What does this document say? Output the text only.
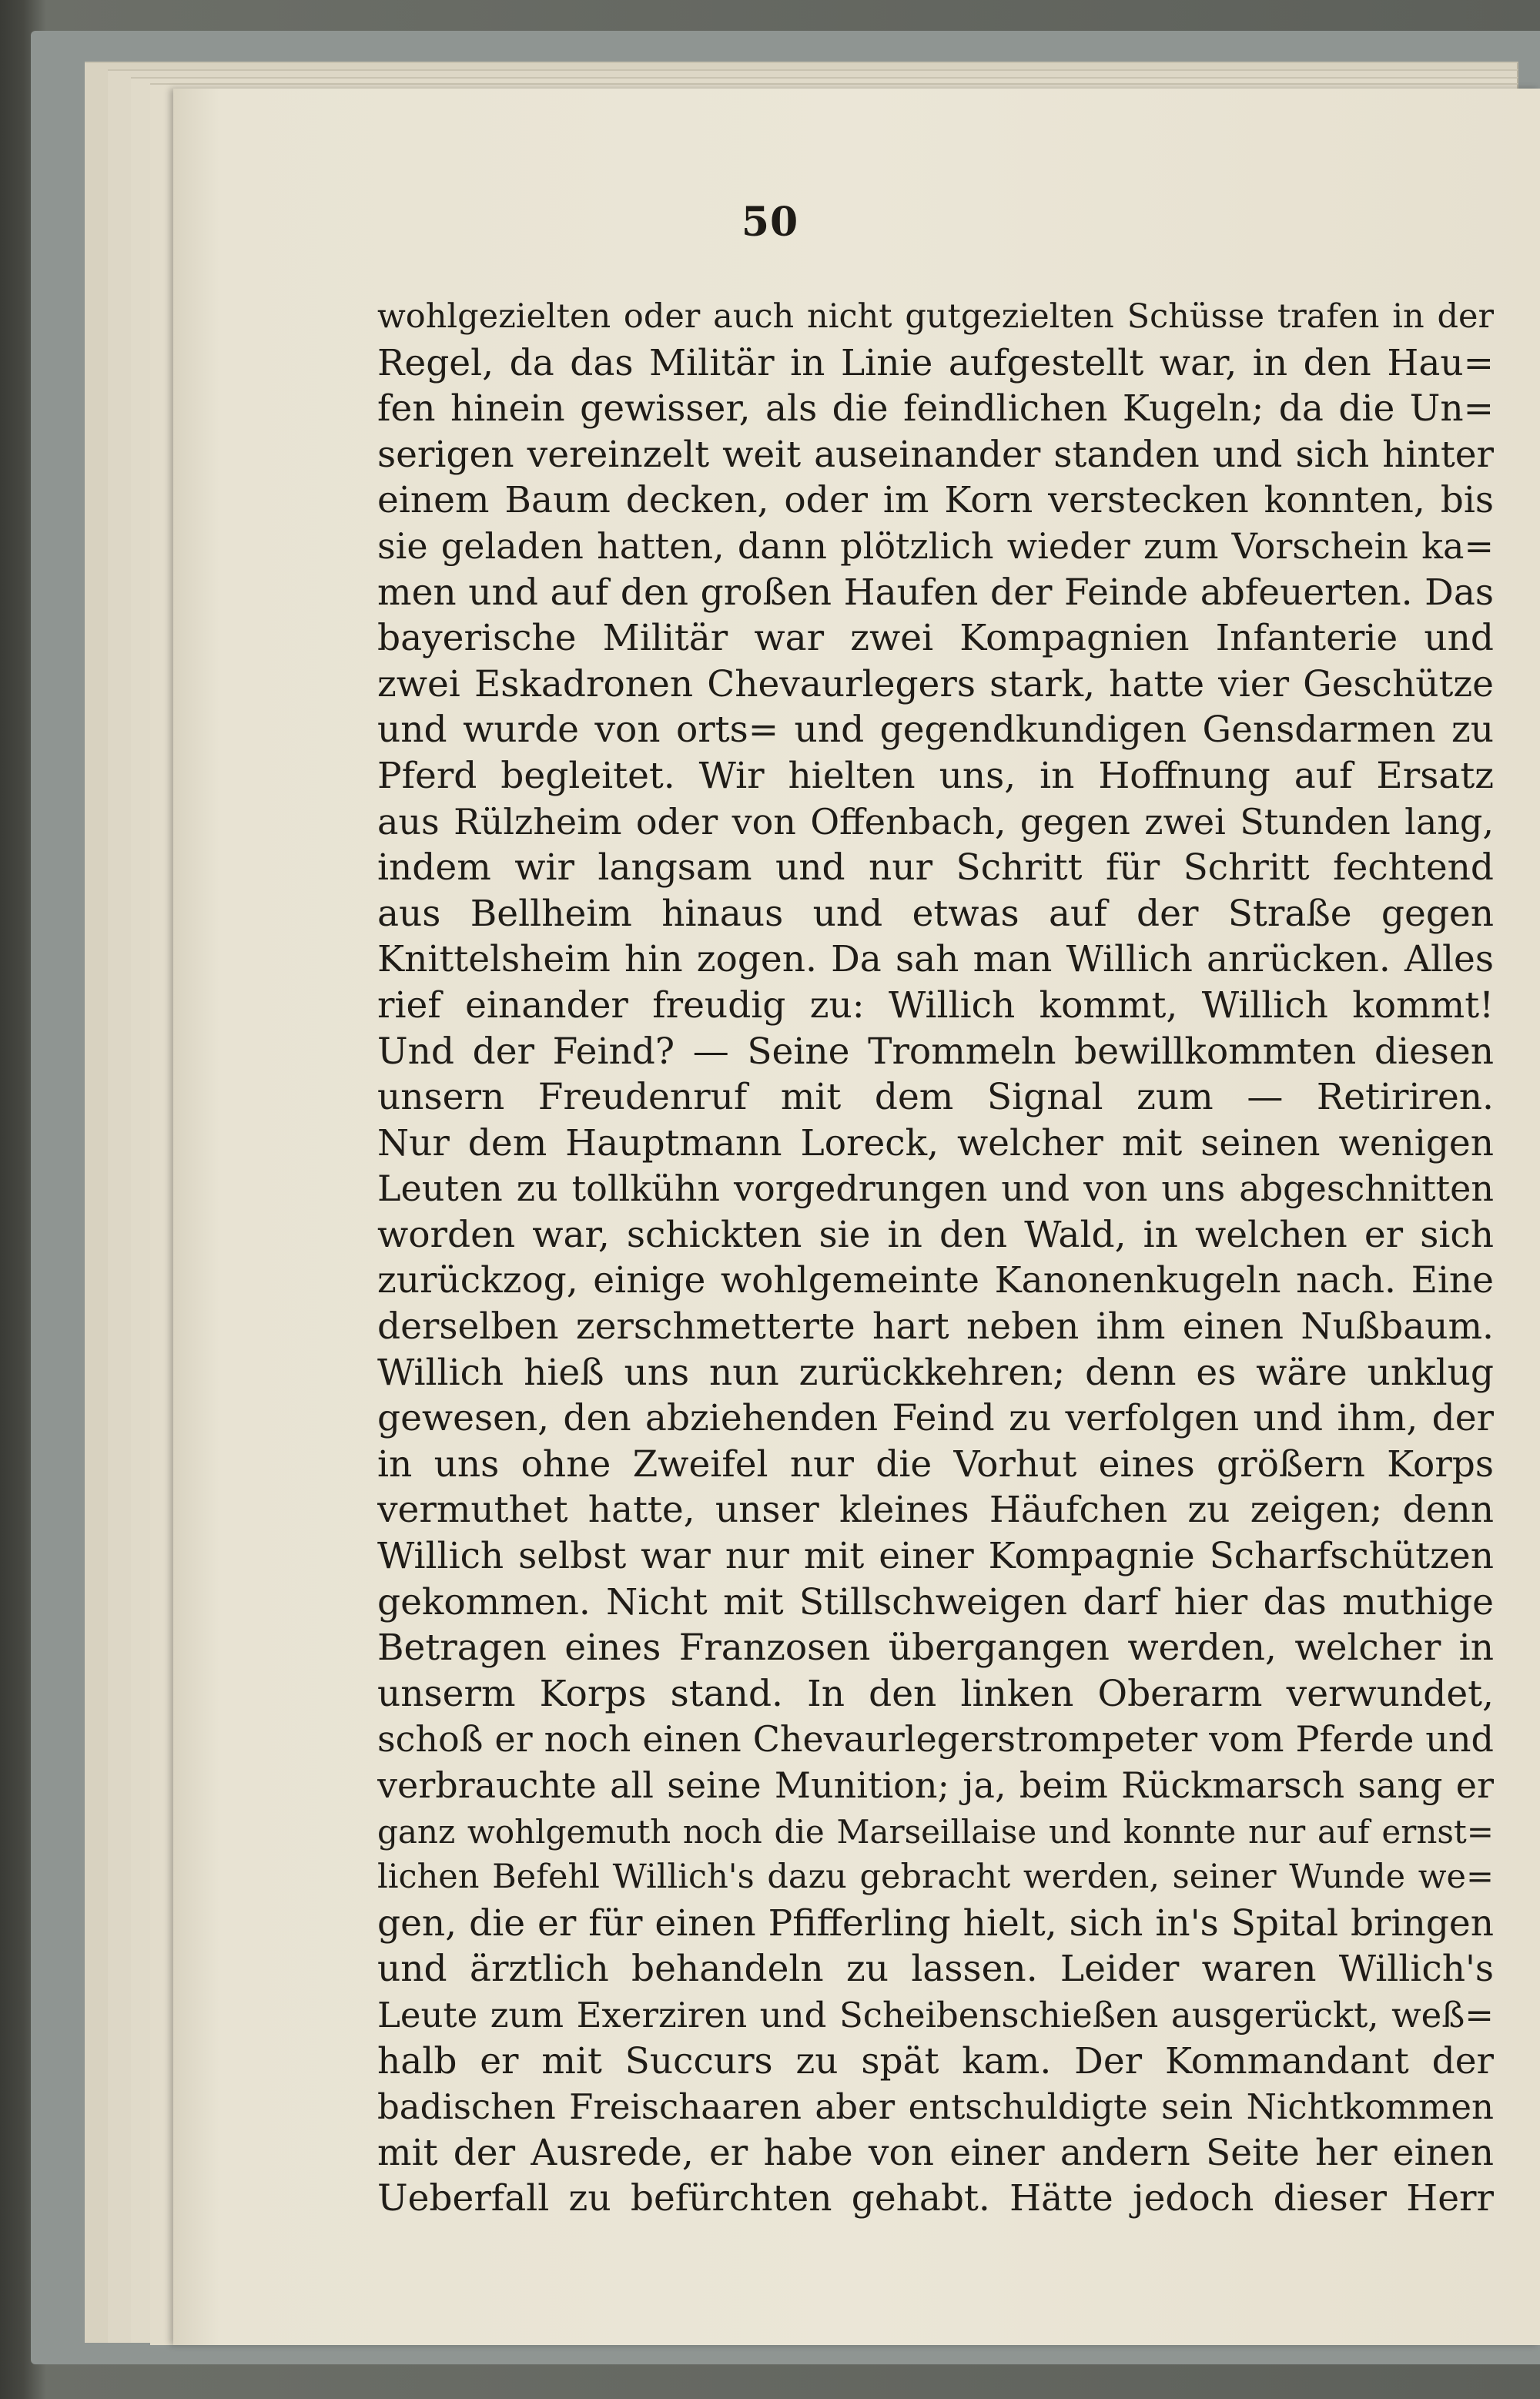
50
wohlgezielten oder auch nicht gutgezielten Schüsse trafen in der
Regel, da das Militär in Linie aufgestellt war, in den Hau=
fen hinein gewisser, als die feindlichen Kugeln; da die Un=
serigen vereinzelt weit auseinander standen und sich hinter
einem Baum decken, oder im Korn verstecken konnten, bis
sie geladen hatten, dann plötzlich wieder zum Vorschein ka=
men und auf den großen Haufen der Feinde abfeuerten. Das
bayerische Militär war zwei Kompagnien Infanterie und
zwei Eskadronen Chevaurlegers stark, hatte vier Geschütze
und wurde von orts= und gegendkundigen Gensdarmen zu
Pferd begleitet. Wir hielten uns, in Hoffnung auf Ersatz
aus Rülzheim oder von Offenbach, gegen zwei Stunden lang,
indem wir langsam und nur Schritt für Schritt fechtend
aus Bellheim hinaus und etwas auf der Straße gegen
Knittelsheim hin zogen. Da sah man Willich anrücken. Alles
rief einander freudig zu: Willich kommt, Willich kommt!
Und der Feind? — Seine Trommeln bewillkommten diesen
unsern Freudenruf mit dem Signal zum — Retiriren.
Nur dem Hauptmann Loreck, welcher mit seinen wenigen
Leuten zu tollkühn vorgedrungen und von uns abgeschnitten
worden war, schickten sie in den Wald, in welchen er sich
zurückzog, einige wohlgemeinte Kanonenkugeln nach. Eine
derselben zerschmetterte hart neben ihm einen Nußbaum.
Willich hieß uns nun zurückkehren; denn es wäre unklug
gewesen, den abziehenden Feind zu verfolgen und ihm, der
in uns ohne Zweifel nur die Vorhut eines größern Korps
vermuthet hatte, unser kleines Häufchen zu zeigen; denn
Willich selbst war nur mit einer Kompagnie Scharfschützen
gekommen. Nicht mit Stillschweigen darf hier das muthige
Betragen eines Franzosen übergangen werden, welcher in
unserm Korps stand. In den linken Oberarm verwundet,
schoß er noch einen Chevaurlegerstrompeter vom Pferde und
verbrauchte all seine Munition; ja, beim Rückmarsch sang er
ganz wohlgemuth noch die Marseillaise und konnte nur auf ernst=
lichen Befehl Willich's dazu gebracht werden, seiner Wunde we=
gen, die er für einen Pfifferling hielt, sich in's Spital bringen
und ärztlich behandeln zu lassen. Leider waren Willich's
Leute zum Exerziren und Scheibenschießen ausgerückt, weß=
halb er mit Succurs zu spät kam. Der Kommandant der
badischen Freischaaren aber entschuldigte sein Nichtkommen
mit der Ausrede, er habe von einer andern Seite her einen
Ueberfall zu befürchten gehabt. Hätte jedoch dieser Herr
